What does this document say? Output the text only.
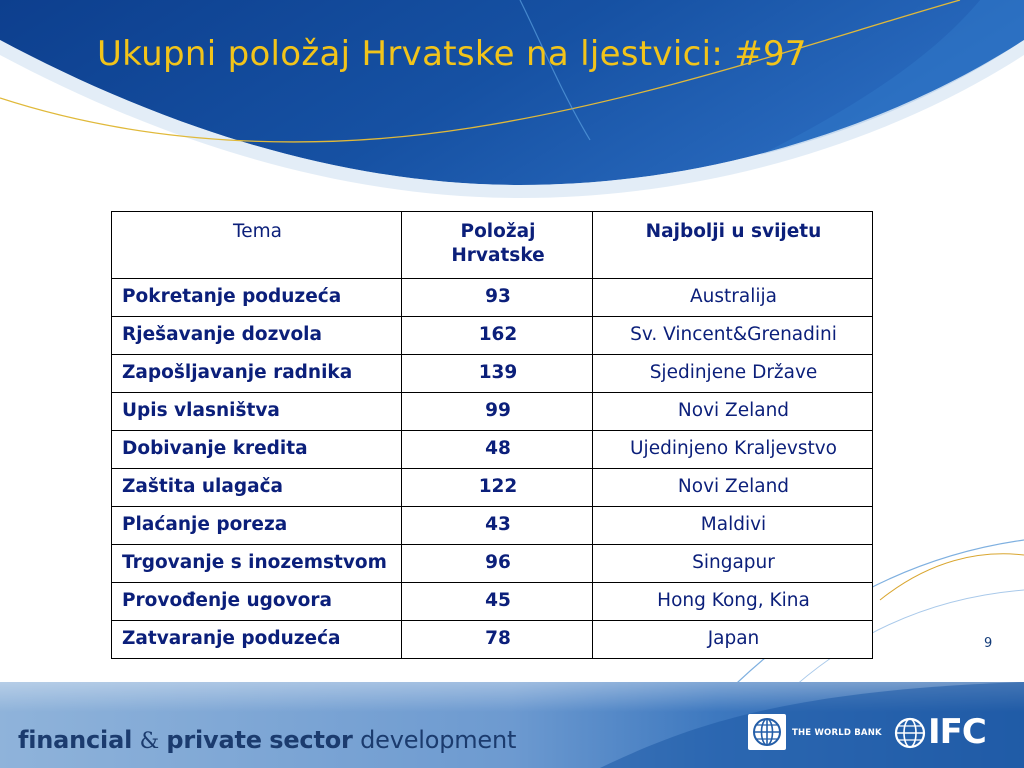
Ukupni položaj Hrvatske na ljestvici: #97
Tema	Položaj Hrvatske	Najbolji u svijetu
Pokretanje poduzeća	93	Australija
Rješavanje dozvola	162	Sv. Vincent&Grenadini
Zapošljavanje radnika	139	Sjedinjene Države
Upis vlasništva	99	Novi Zeland
Dobivanje kredita	48	Ujedinjeno Kraljevstvo
Zaštita ulagača	122	Novi Zeland
Plaćanje poreza	43	Maldivi
Trgovanje s inozemstvom	96	Singapur
Provođenje ugovora	45	Hong Kong, Kina
Zatvaranje poduzeća	78	Japan	9

financial & private sector development	THE WORLD BANK IFC
